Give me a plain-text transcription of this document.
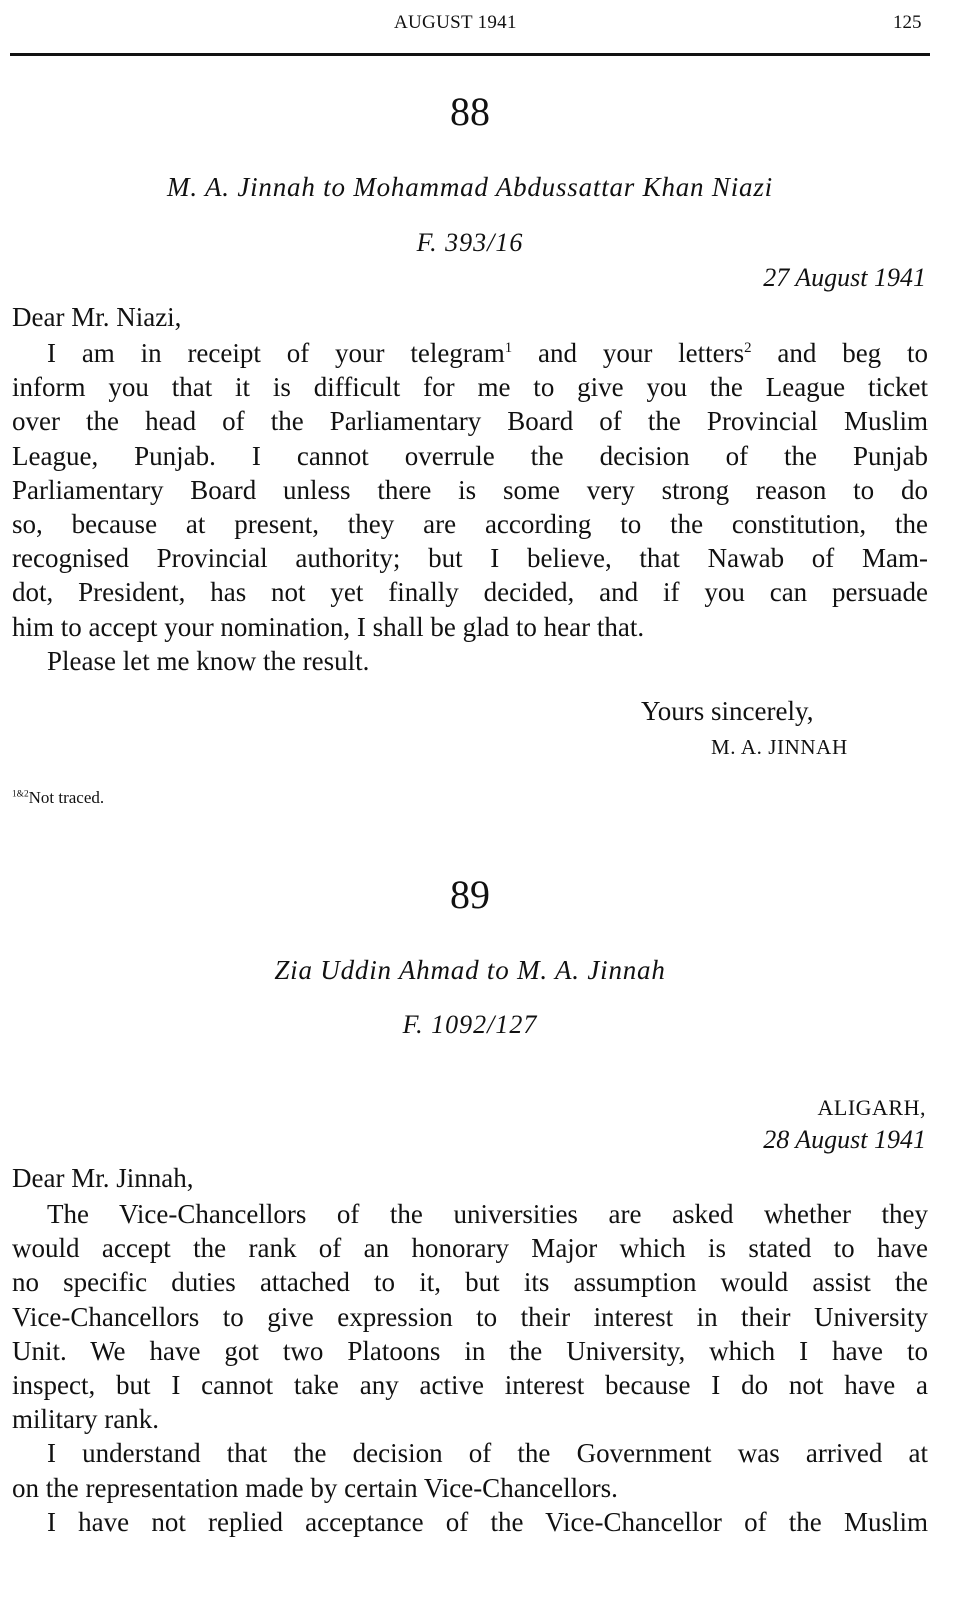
AUGUST 1941	125
88
M. A. Jinnah to Mohammad Abdussattar Khan Niazi
F. 393/16
27 August 1941
Dear Mr. Niazi,
I am in receipt of your telegram$^1$ and your letters$^2$ and beg to
inform you that it is difficult for me to give you the League ticket
over the head of the Parliamentary Board of the Provincial Muslim
League, Punjab. I cannot overrule the decision of the Punjab
Parliamentary Board unless there is some very strong reason to do
so, because at present, they are according to the constitution, the
recognised Provincial authority; but I believe, that Nawab of Mam-
dot, President, has not yet finally decided, and if you can persuade
him to accept your nomination, I shall be glad to hear that.
Please let me know the result.
Yours sincerely,
M. A. JINNAH
$^{1\&2}$Not traced.
89
Zia Uddin Ahmad to M. A. Jinnah
F. 1092/127
ALIGARH,
28 August 1941
Dear Mr. Jinnah,
The Vice-Chancellors of the universities are asked whether they
would accept the rank of an honorary Major which is stated to have
no specific duties attached to it, but its assumption would assist the
Vice-Chancellors to give expression to their interest in their University
Unit. We have got two Platoons in the University, which I have to
inspect, but I cannot take any active interest because I do not have a
military rank.
I understand that the decision of the Government was arrived at
on the representation made by certain Vice-Chancellors.
I have not replied acceptance of the Vice-Chancellor of the Muslim
